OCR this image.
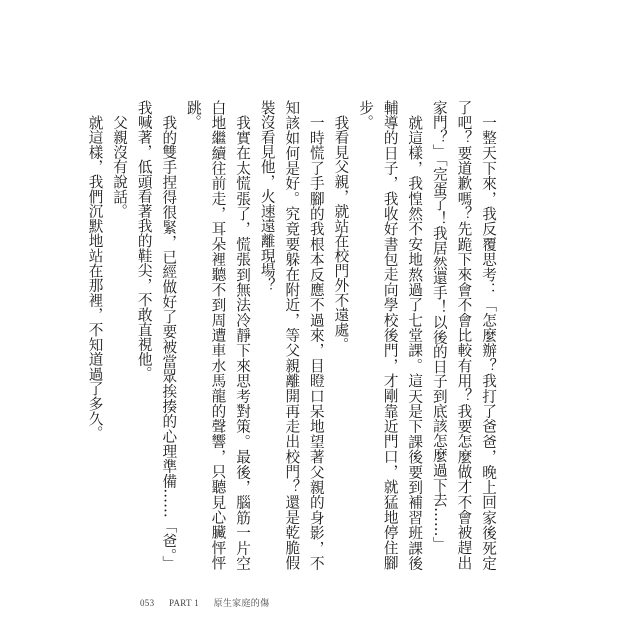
一整天下來，我反覆思考：「怎麼辦？我打了爸爸，晚上回家後死定了吧？要道歉嗎？先跪下來會不會比較有用？我要怎麼做才不會被趕出家門？」「完蛋了！我居然還手！以後的日子到底該怎麼過下去……」

就這樣，我惶然不安地熬過了七堂課。這天是下課後要到補習班課後輔導的日子，我收好書包走向學校後門，才剛靠近門口，就猛地停住腳步。

我看見父親，就站在校門外不遠處。

一時慌了手腳的我根本反應不過來，目瞪口呆地望著父親的身影，不知該如何是好。究竟要躲在附近，等父親離開再走出校門？還是乾脆假裝沒看見他，火速遠離現場？

我實在太慌張了，慌張到無法冷靜下來思考對策。最後，腦筋一片空白地繼續往前走，耳朵裡聽不到周遭車水馬龍的聲響，只聽見心臟怦怦跳。

我的雙手捏得很緊，已經做好了要被當眾挨揍的心理準備……「爸。」我喊著，低頭看著我的鞋尖，不敢直視他。

父親沒有說話。

就這樣，我們沉默地站在那裡，不知道過了多久。

053 PART 1 原生家庭的傷
